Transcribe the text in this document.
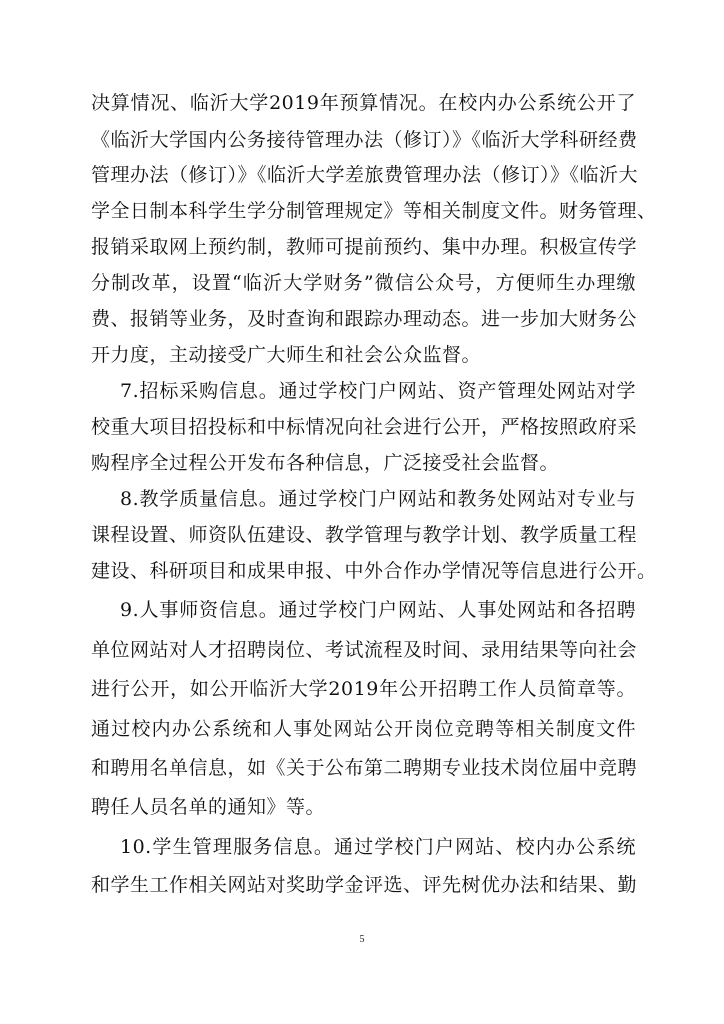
决算情况、临沂大学2019年预算情况。在校内办公系统公开了
《临沂大学国内公务接待管理办法（修订）》《临沂大学科研经费
管理办法（修订）》《临沂大学差旅费管理办法（修订）》《临沂大
学全日制本科学生学分制管理规定》等相关制度文件。财务管理、
报销采取网上预约制，教师可提前预约、集中办理。积极宣传学
分制改革，设置“临沂大学财务”微信公众号，方便师生办理缴
费、报销等业务，及时查询和跟踪办理动态。进一步加大财务公
开力度，主动接受广大师生和社会公众监督。
7.招标采购信息。通过学校门户网站、资产管理处网站对学
校重大项目招投标和中标情况向社会进行公开，严格按照政府采
购程序全过程公开发布各种信息，广泛接受社会监督。
8.教学质量信息。通过学校门户网站和教务处网站对专业与
课程设置、师资队伍建设、教学管理与教学计划、教学质量工程
建设、科研项目和成果申报、中外合作办学情况等信息进行公开。
9.人事师资信息。通过学校门户网站、人事处网站和各招聘
单位网站对人才招聘岗位、考试流程及时间、录用结果等向社会
进行公开，如公开临沂大学2019年公开招聘工作人员简章等。
通过校内办公系统和人事处网站公开岗位竞聘等相关制度文件
和聘用名单信息，如《关于公布第二聘期专业技术岗位届中竞聘
聘任人员名单的通知》等。
10.学生管理服务信息。通过学校门户网站、校内办公系统
和学生工作相关网站对奖助学金评选、评先树优办法和结果、勤
5
